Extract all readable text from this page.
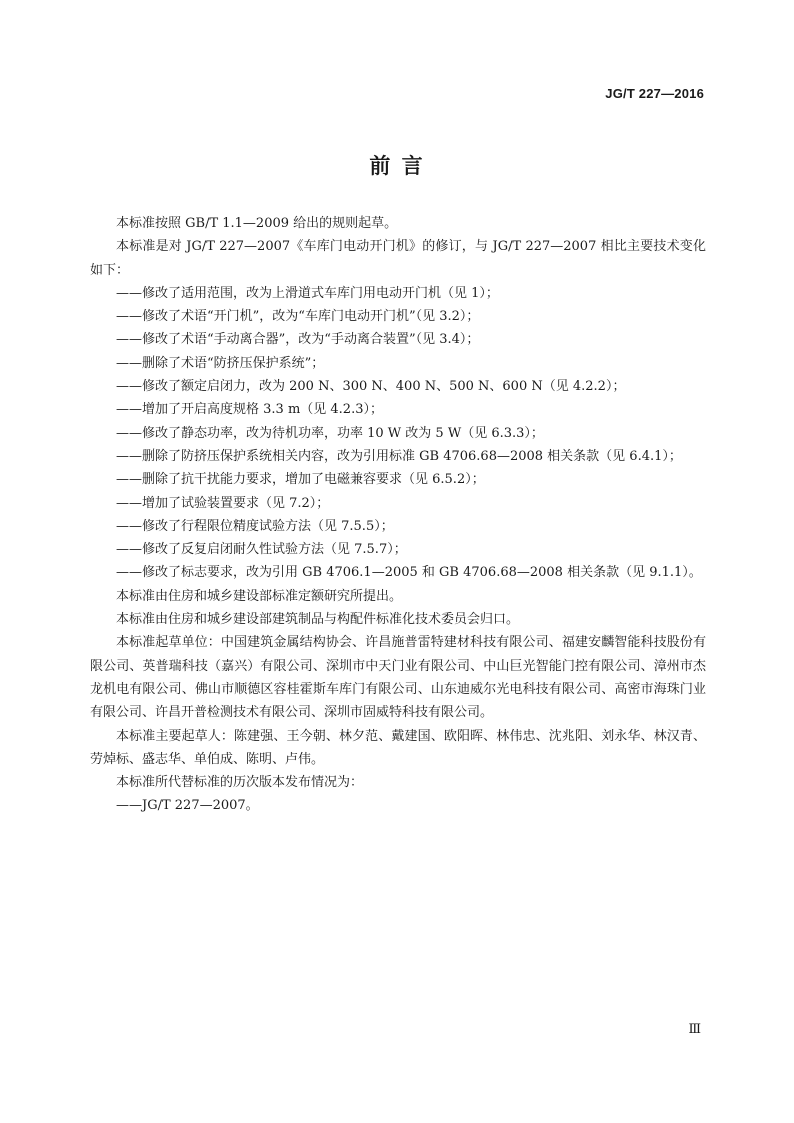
JG/T 227—2016
前 言

本标准按照 GB/T 1.1—2009 给出的规则起草。

本标准是对 JG/T 227—2007《车库门电动开门机》的修订，与 JG/T 227—2007 相比主要技术变化如下：

——修改了适用范围，改为上滑道式车库门用电动开门机（见 1）；

——修改了术语“开门机”，改为“车库门电动开门机”（见 3.2）；

——修改了术语“手动离合器”，改为“手动离合装置”（见 3.4）；

——删除了术语“防挤压保护系统”；

——修改了额定启闭力，改为 200 N、300 N、400 N、500 N、600 N（见 4.2.2）；

——增加了开启高度规格 3.3 m（见 4.2.3）；

——修改了静态功率，改为待机功率，功率 10 W 改为 5 W（见 6.3.3）；

——删除了防挤压保护系统相关内容，改为引用标准 GB 4706.68—2008 相关条款（见 6.4.1）；

——删除了抗干扰能力要求，增加了电磁兼容要求（见 6.5.2）；

——增加了试验装置要求（见 7.2）；

——修改了行程限位精度试验方法（见 7.5.5）；

——修改了反复启闭耐久性试验方法（见 7.5.7）；

——修改了标志要求，改为引用 GB 4706.1—2005 和 GB 4706.68—2008 相关条款（见 9.1.1）。

本标准由住房和城乡建设部标准定额研究所提出。

本标准由住房和城乡建设部建筑制品与构配件标准化技术委员会归口。

本标准起草单位：中国建筑金属结构协会、许昌施普雷特建材科技有限公司、福建安麟智能科技股份有限公司、英普瑞科技（嘉兴）有限公司、深圳市中天门业有限公司、中山巨光智能门控有限公司、漳州市杰龙机电有限公司、佛山市顺德区容桂霍斯车库门有限公司、山东迪威尔光电科技有限公司、高密市海珠门业有限公司、许昌开普检测技术有限公司、深圳市固威特科技有限公司。

本标准主要起草人：陈建强、王今朝、林夕范、戴建国、欧阳晖、林伟忠、沈兆阳、刘永华、林汉青、劳焯标、盛志华、单伯成、陈明、卢伟。

本标准所代替标准的历次版本发布情况为：

——JG/T 227—2007。

Ⅲ
